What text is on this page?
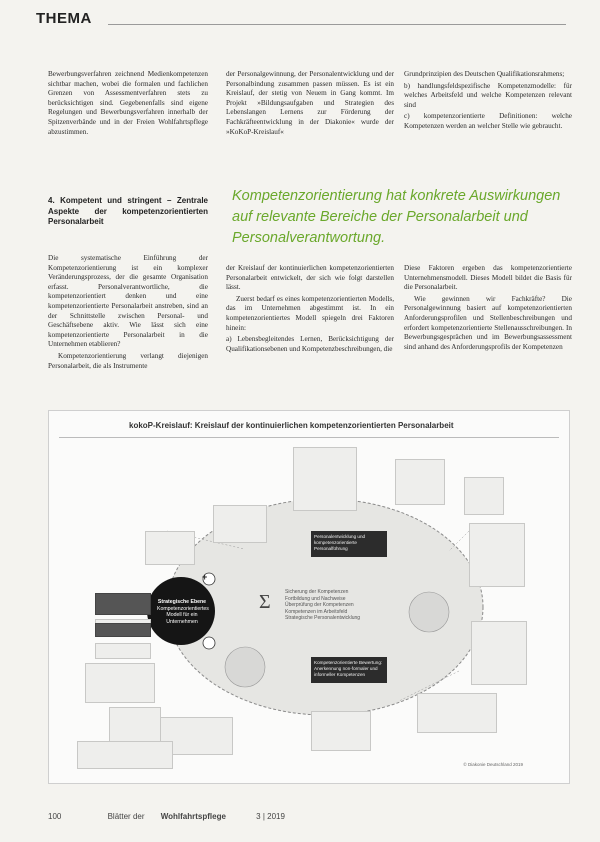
THEMA

Bewerbungsverfahren zeichnend Medienkompetenzen sichtbar machen, wobei die formalen und fachlichen Grenzen von Assessmentverfahren stets zu berücksichtigen sind. Gegebenenfalls sind eigene Regelungen und Bewerbungsverfahren innerhalb der Spitzenverbände und in der Freien Wohlfahrtspflege abzustimmen.

4. Kompetent und stringent – Zentrale Aspekte der kompetenzorientierten Personalarbeit

Die systematische Einführung der Kompetenzorientierung ist ein komplexer Veränderungsprozess, der die gesamte Organisation erfasst. Personalverantwortliche, die kompetenzorientiert denken und eine kompetenzorientierte Personalarbeit anstreben, sind an der Schnittstelle zwischen Personal- und Geschäftsebene aktiv. Wie lässt sich eine kompetenzorientierte Personalarbeit in die Unternehmen etablieren?

Kompetenzorientierung verlangt diejenigen Personalarbeit, die als Instrumente

der Personalgewinnung, der Personalentwicklung und der Personalbindung zusammen passen müssen. Es ist ein Kreislauf, der stetig von Neuem in Gang kommt. Im Projekt »Bildungsaufgaben und Strategien des Lebenslangen Lernens zur Förderung der Fachkräfteentwicklung in der Diakonie« wurde der »KoKoP-Kreislauf«

der Kreislauf der kontinuierlichen kompetenzorientierten Personalarbeit entwickelt, der sich wie folgt darstellen lässt.

Zuerst bedarf es eines kompetenzorientierten Modells, das im Unternehmen abgestimmt ist. In ein kompetenzorientiertes Modell spiegeln drei Faktoren hinein:

a) Lebensbegleitendes Lernen, Berücksichtigung der Qualifikationsebenen und Kompetenzbeschreibungen, die

Grundprinzipien des Deutschen Qualifikationsrahmens;

b) handlungsfeldspezifische Kompetenzmodelle: für welches Arbeitsfeld und welche Kompetenzen relevant sind

c) kompetenzorientierte Definitionen: welche Kompetenzen werden an welcher Stelle wie gebraucht.

Diese Faktoren ergeben das kompetenzorientierte Unternehmensmodell. Dieses Modell bildet die Basis für die Personalarbeit.

Wie gewinnen wir Fachkräfte? Die Personalgewinnung basiert auf kompetenzorientierten Anforderungsprofilen und Stellenbeschreibungen und erfordert kompetenzorientierte Stellenausschreibungen. In Bewerbungsgesprächen und im Bewerbungsassessment sind anhand des Anforderungsprofils der Kompetenzen

Kompetenzorientierung hat konkrete Auswirkungen auf relevante Bereiche der Personalarbeit und Personalverantwortung.
kokoP-Kreislauf: Kreislauf der kontinuierlichen kompetenzorientierten Personalarbeit
+
Strategische Ebene
Kompetenzorientiertes Modell für ein Unternehmen
Σ	Sicherung der Kompetenzen
Fortbildung und Nachweise
Überprüfung der Kompetenzen
Kompetenzen im Arbeitsfeld
Strategische Personalentwicklung
Personalentwicklung und kompetenzorientierte Personalführung
Kompetenzorientierte Bewertung: Anerkennung non-formaler und informeller Kompetenzen
© Diakonie Deutschland 2019
100	Blätter der Wohlfahrtspflege	3 | 2019
